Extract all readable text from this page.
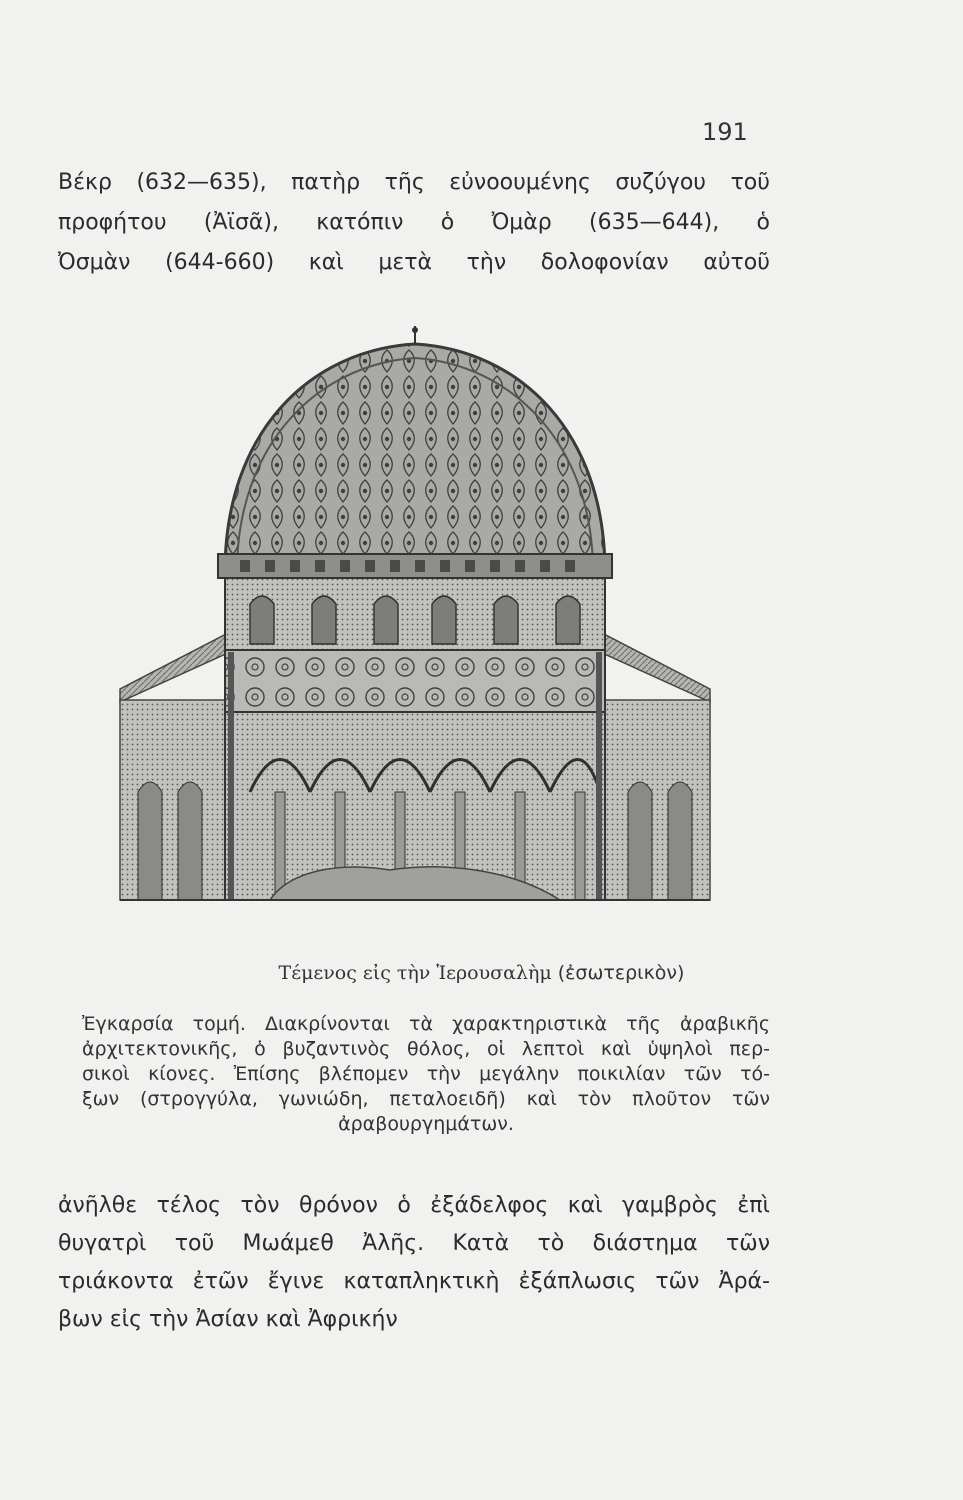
191
Βέκρ (632—635), πατὴρ τῆς εὐνοουμένης συζύγου τοῦ
προφήτου (Ἀϊσᾶ), κατόπιν ὁ Ὀμὰρ (635—644), ὁ
Ὀσμὰν (644-660) καὶ μετὰ τὴν δολοφονίαν αὐτοῦ
Τέμενος εἰς τὴν Ἱερουσαλὴμ (ἐσωτερικὸν)
Ἐγκαρσία τομή. Διακρίνονται τὰ χαρακτηριστικὰ τῆς ἀραβικῆς
ἀρχιτεκτονικῆς, ὁ βυζαντινὸς θόλος, οἱ λεπτοὶ καὶ ὑψηλοὶ περ-
σικοὶ κίονες. Ἐπίσης βλέπομεν τὴν μεγάλην ποικιλίαν τῶν τό-
ξων (στρογγύλα, γωνιώδη, πεταλοειδῆ) καὶ τὸν πλοῦτον τῶν
ἀραβουργημάτων.
ἀνῆλθε τέλος τὸν θρόνον ὁ ἐξάδελφος καὶ γαμβρὸς ἐπὶ
θυγατρὶ τοῦ Μωάμεθ Ἀλῆς. Κατὰ τὸ διάστημα τῶν
τριάκοντα ἐτῶν ἔγινε καταπληκτικὴ ἐξάπλωσις τῶν Ἀρά-
βων εἰς τὴν Ἀσίαν καὶ Ἀφρικήν
